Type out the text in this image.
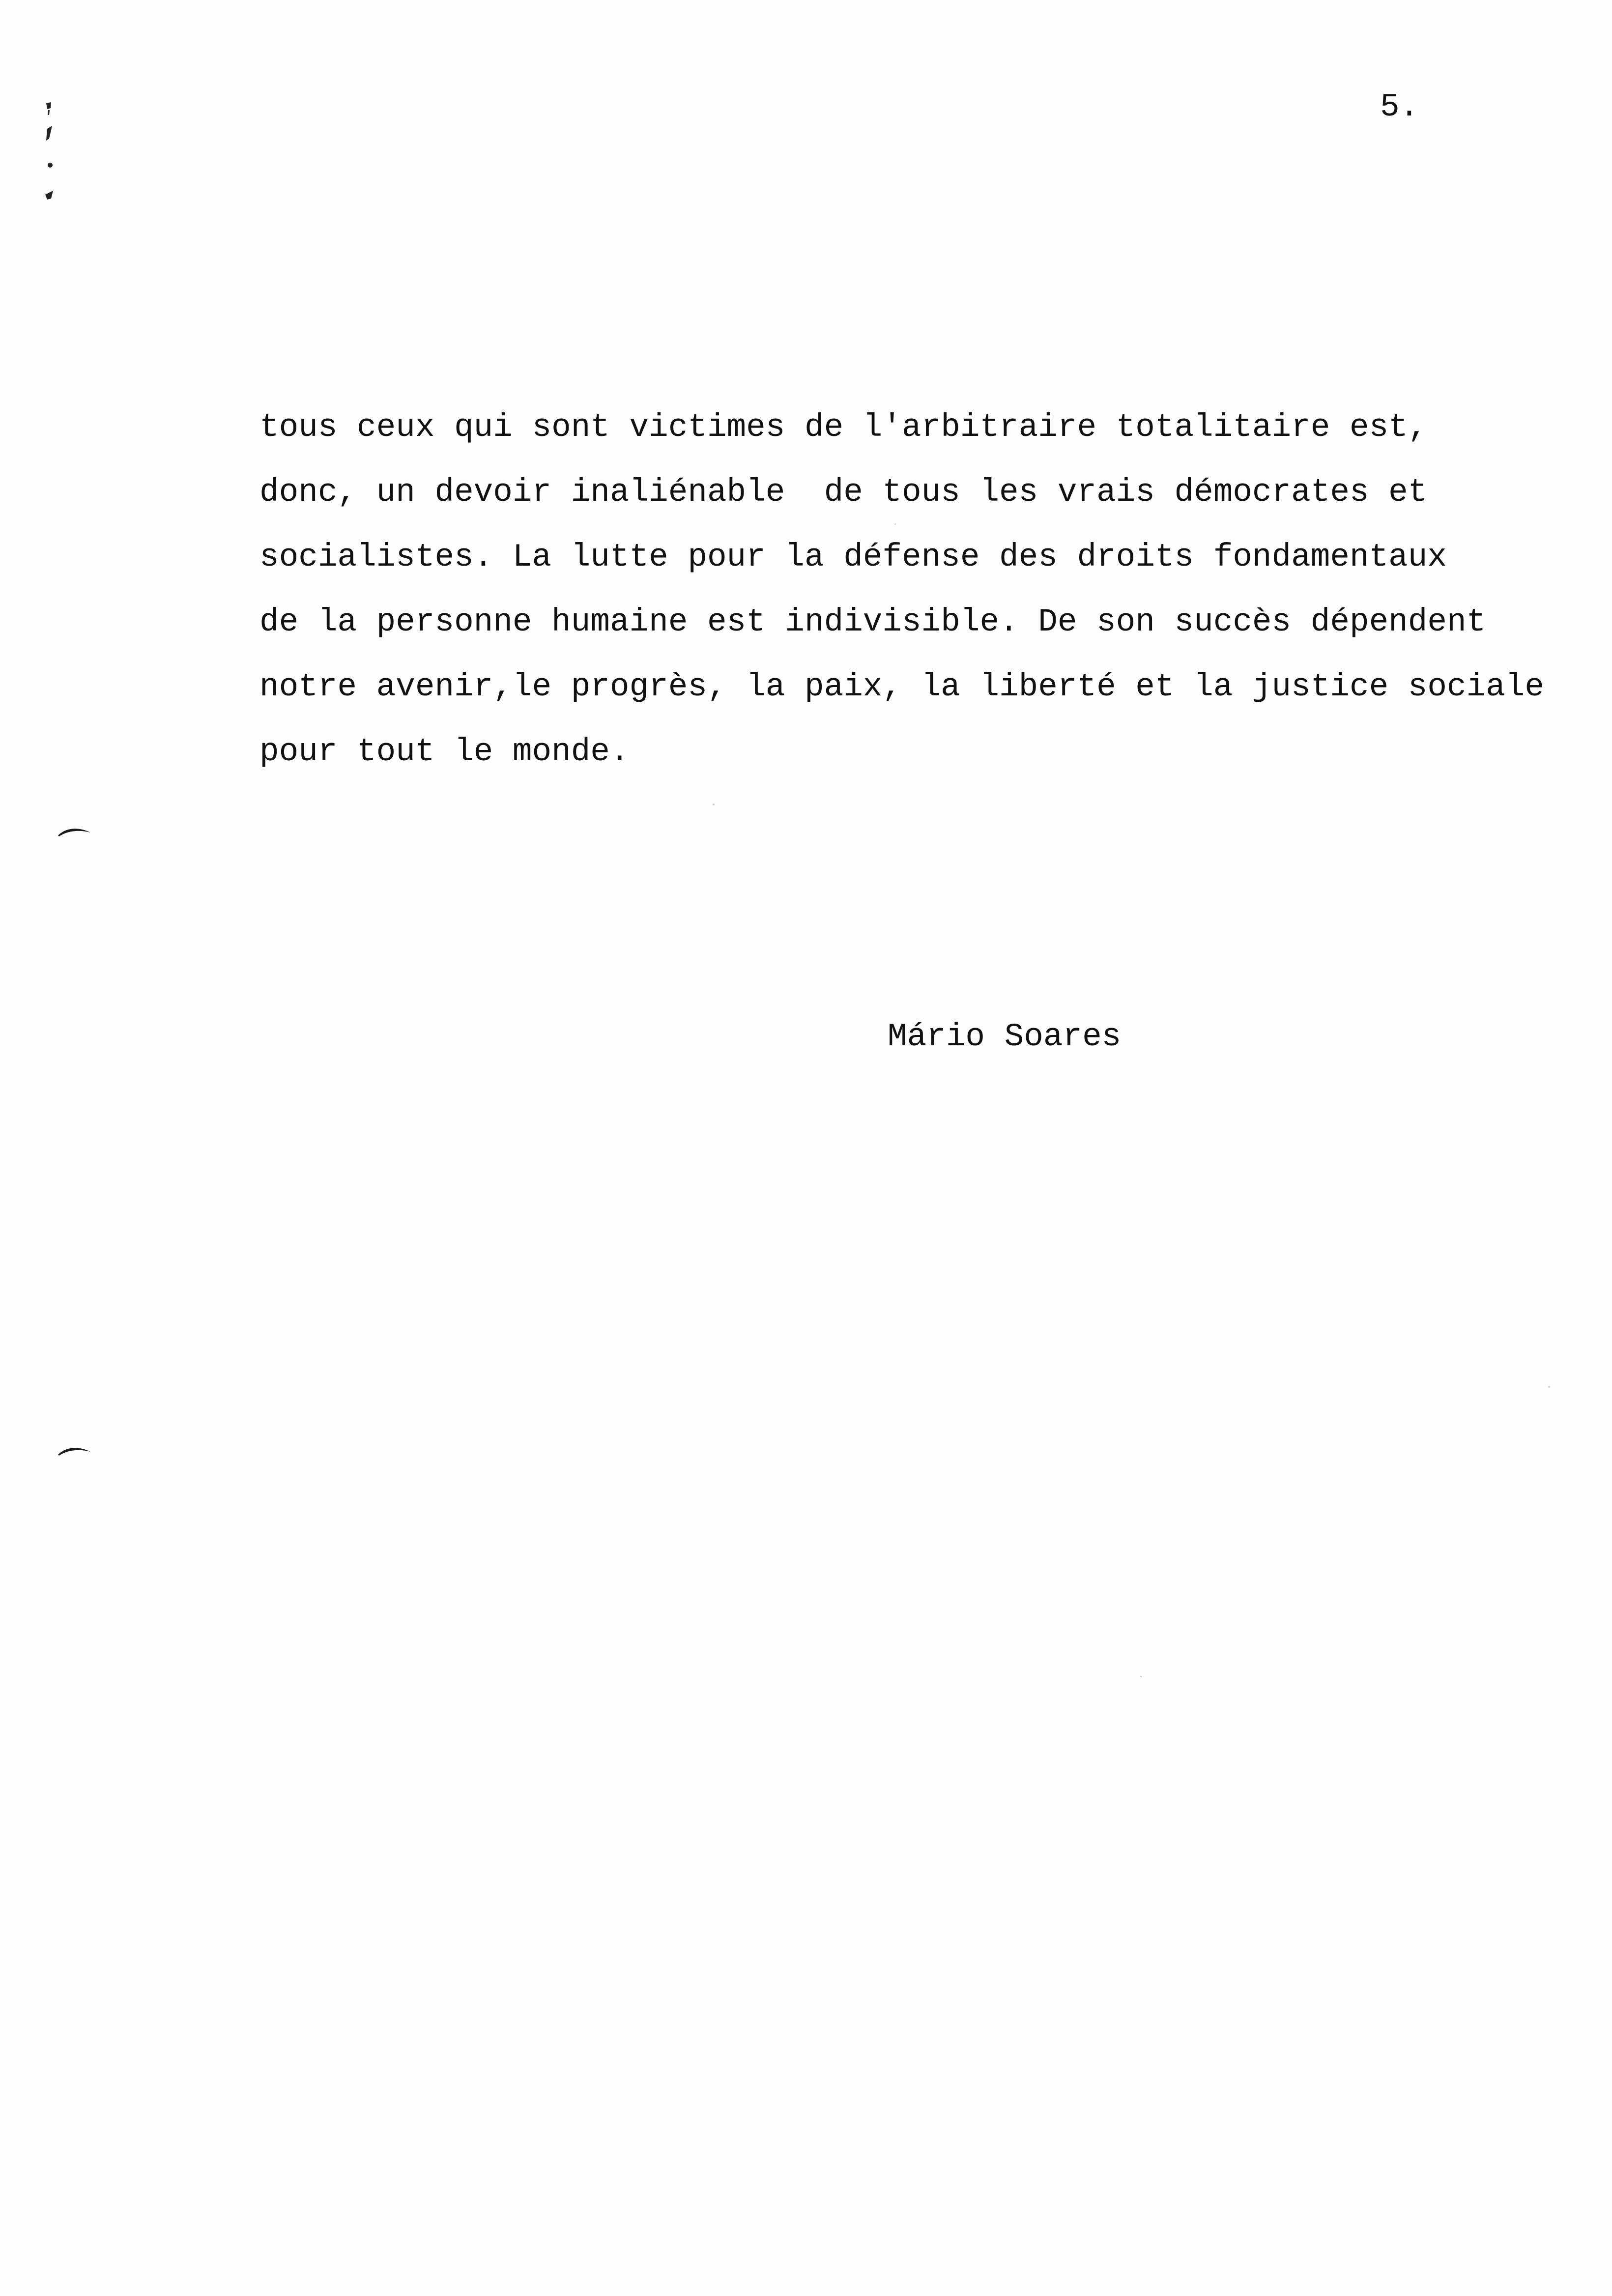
5.

tous ceux qui sont victimes de l'arbitraire totalitaire est,

donc, un devoir inaliénable  de tous les vrais démocrates et

socialistes. La lutte pour la défense des droits fondamentaux

de la personne humaine est indivisible. De son succès dépendent

notre avenir,le progrès, la paix, la liberté et la justice sociale

pour tout le monde.

Mário Soares
